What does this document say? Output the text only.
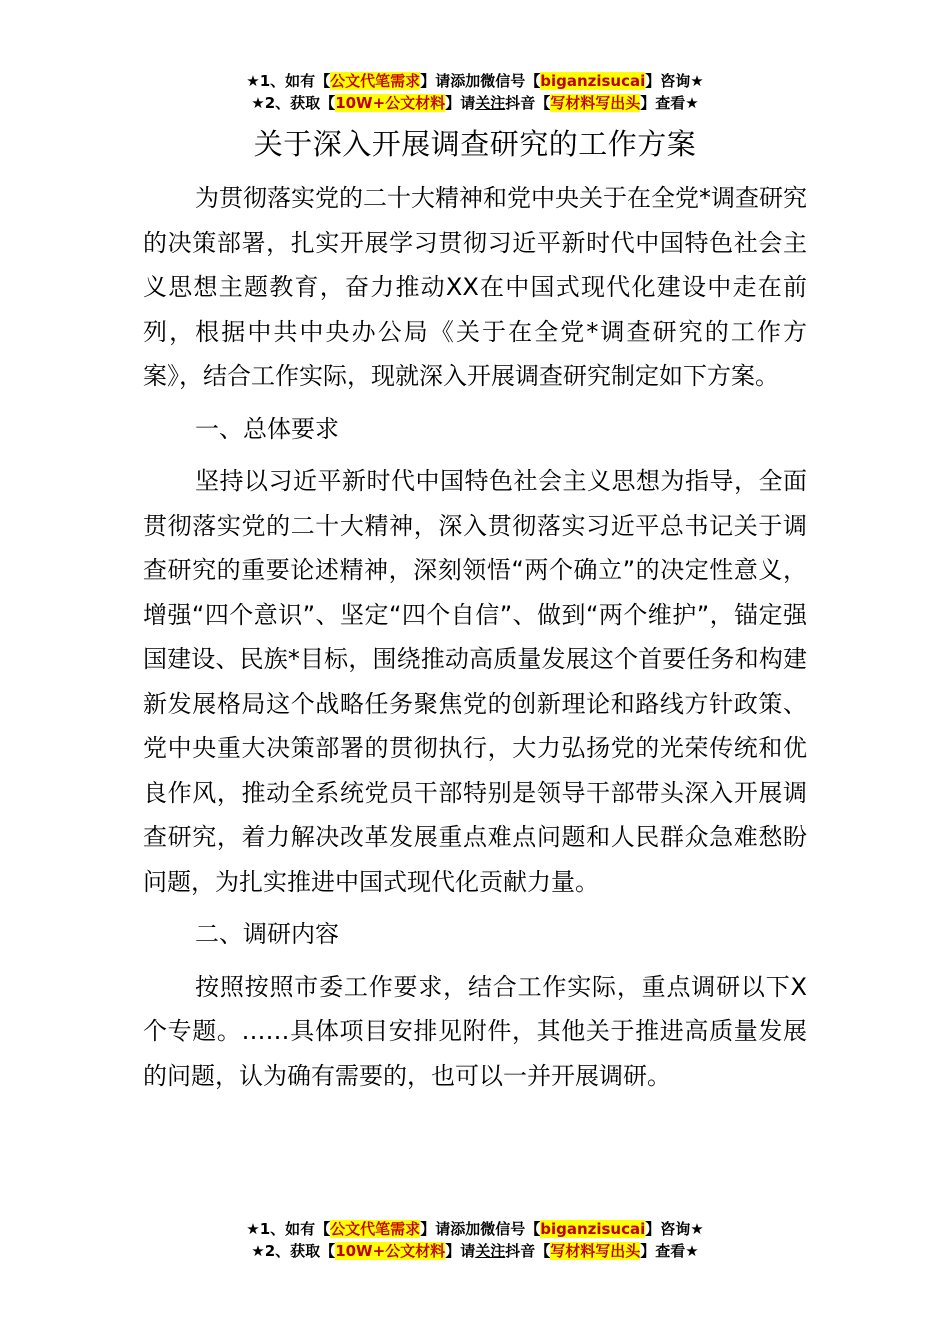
★1、如有【公文代笔需求】请添加微信号【biganzisucai】咨询★
★2、获取【10W+公文材料】请关注抖音【写材料写出头】查看★
关于深入开展调查研究的工作方案

为贯彻落实党的二十大精神和党中央关于在全党*调查研究的决策部署，扎实开展学习贯彻习近平新时代中国特色社会主义思想主题教育，奋力推动XX在中国式现代化建设中走在前列，根据中共中央办公局《关于在全党*调查研究的工作方案》，结合工作实际，现就深入开展调查研究制定如下方案。

一、总体要求

坚持以习近平新时代中国特色社会主义思想为指导，全面贯彻落实党的二十大精神，深入贯彻落实习近平总书记关于调查研究的重要论述精神，深刻领悟“两个确立”的决定性意义，增强“四个意识”、坚定“四个自信”、做到“两个维护”，锚定强国建设、民族*目标，围绕推动高质量发展这个首要任务和构建新发展格局这个战略任务聚焦党的创新理论和路线方针政策、党中央重大决策部署的贯彻执行，大力弘扬党的光荣传统和优良作风，推动全系统党员干部特别是领导干部带头深入开展调查研究，着力解决改革发展重点难点问题和人民群众急难愁盼问题，为扎实推进中国式现代化贡献力量。

二、调研内容

按照按照市委工作要求，结合工作实际，重点调研以下X个专题。……具体项目安排见附件，其他关于推进高质量发展的问题，认为确有需要的，也可以一并开展调研。

★1、如有【公文代笔需求】请添加微信号【biganzisucai】咨询★
★2、获取【10W+公文材料】请关注抖音【写材料写出头】查看★
